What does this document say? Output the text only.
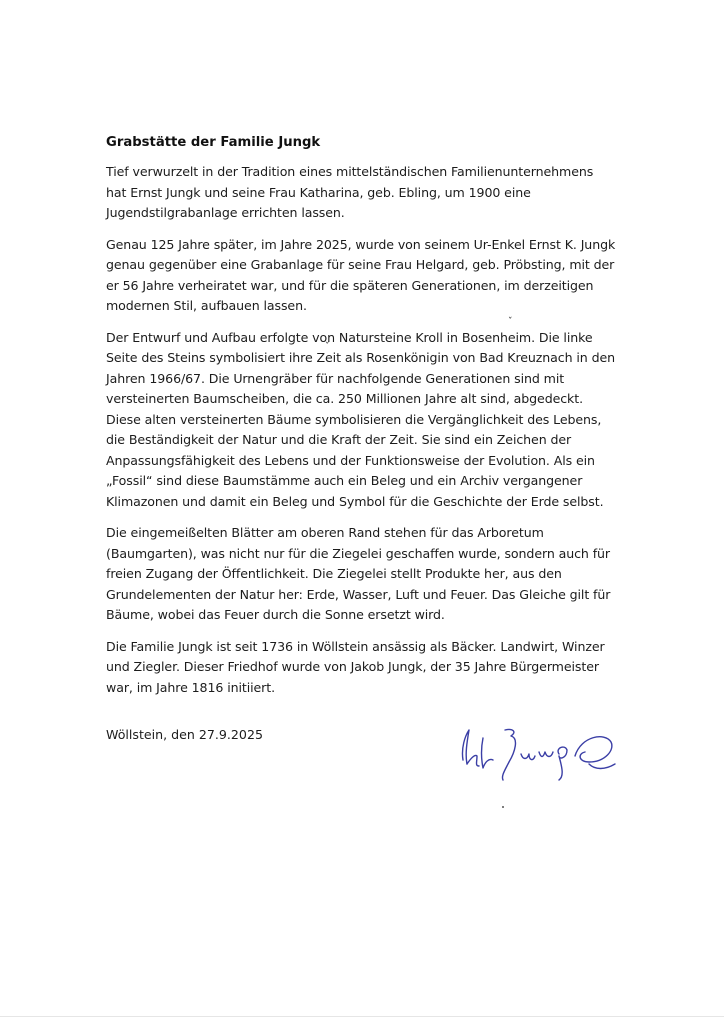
Grabstätte der Familie Jungk
Tief verwurzelt in der Tradition eines mittelständischen Familienunternehmens
hat Ernst Jungk und seine Frau Katharina, geb. Ebling, um 1900 eine
Jugendstilgrabanlage errichten lassen.
Genau 125 Jahre später, im Jahre 2025, wurde von seinem Ur-Enkel Ernst K. Jungk
genau gegenüber eine Grabanlage für seine Frau Helgard, geb. Pröbsting, mit der
er 56 Jahre verheiratet war, und für die späteren Generationen, im derzeitigen
modernen Stil, aufbauen lassen.
Der Entwurf und Aufbau erfolgte von Natursteine Kroll in Bosenheim. Die linke
Seite des Steins symbolisiert ihre Zeit als Rosenkönigin von Bad Kreuznach in den
Jahren 1966/67. Die Urnengräber für nachfolgende Generationen sind mit
versteinerten Baumscheiben, die ca. 250 Millionen Jahre alt sind, abgedeckt.
Diese alten versteinerten Bäume symbolisieren die Vergänglichkeit des Lebens,
die Beständigkeit der Natur und die Kraft der Zeit. Sie sind ein Zeichen der
Anpassungsfähigkeit des Lebens und der Funktionsweise der Evolution. Als ein
„Fossil“ sind diese Baumstämme auch ein Beleg und ein Archiv vergangener
Klimazonen und damit ein Beleg und Symbol für die Geschichte der Erde selbst.
Die eingemeißelten Blätter am oberen Rand stehen für das Arboretum
(Baumgarten), was nicht nur für die Ziegelei geschaffen wurde, sondern auch für
freien Zugang der Öffentlichkeit. Die Ziegelei stellt Produkte her, aus den
Grundelementen der Natur her: Erde, Wasser, Luft und Feuer. Das Gleiche gilt für
Bäume, wobei das Feuer durch die Sonne ersetzt wird.
Die Familie Jungk ist seit 1736 in Wöllstein ansässig als Bäcker. Landwirt, Winzer
und Ziegler. Dieser Friedhof wurde von Jakob Jungk, der 35 Jahre Bürgermeister
war, im Jahre 1816 initiiert.
ˇ
ˇ
Wöllstein, den 27.9.2025
